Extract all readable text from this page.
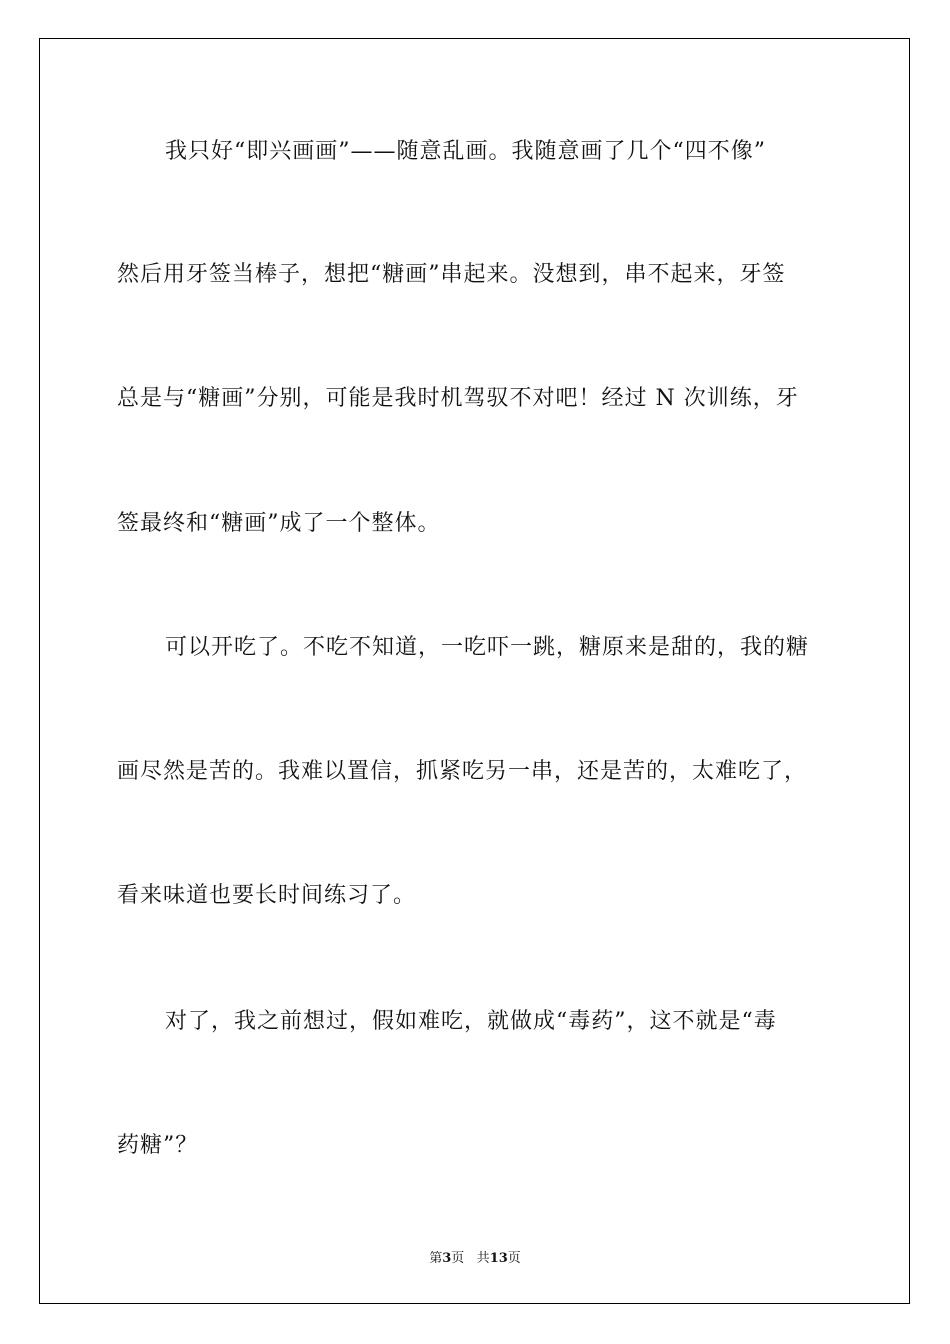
我只好“即兴画画”——随意乱画。我随意画了几个“四不像”
然后用牙签当棒子，想把“糖画”串起来。没想到，串不起来，牙签
总是与“糖画”分别，可能是我时机驾驭不对吧！经过 N 次训练，牙
签最终和“糖画”成了一个整体。
可以开吃了。不吃不知道，一吃吓一跳，糖原来是甜的，我的糖
画尽然是苦的。我难以置信，抓紧吃另一串，还是苦的，太难吃了，
看来味道也要长时间练习了。
对了，我之前想过，假如难吃，就做成“毒药”，这不就是“毒
药糖”？
第3页 共13页
